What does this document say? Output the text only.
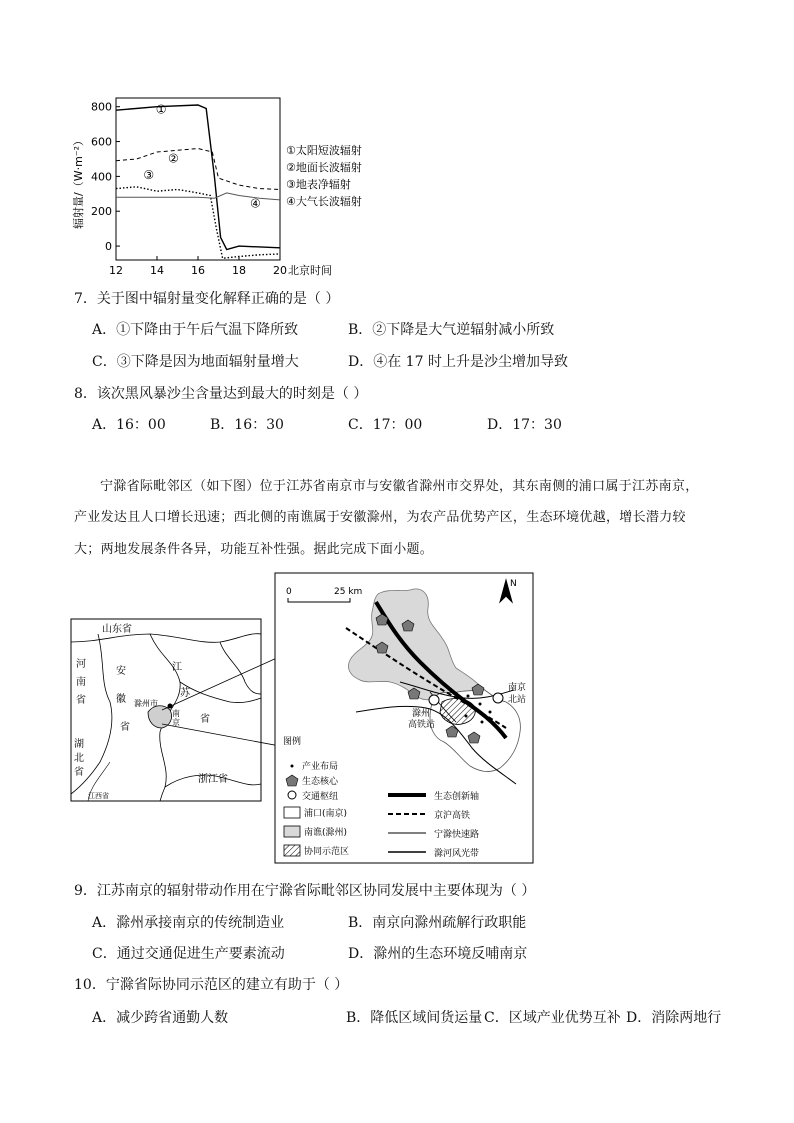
800
600
400
200
0
12 14 16 18 20
①
②
③
④
辐射量/（W·m⁻²）
北京时间
①太阳短波辐射
②地面长波辐射
③地表净辐射
④大气长波辐射
7．关于图中辐射量变化解释正确的是（ ）
A．①下降由于午后气温下降所致	B．②下降是大气逆辐射减小所致
C．③下降是因为地面辐射量增大	D．④在 17 时上升是沙尘增加导致
8．该次黑风暴沙尘含量达到最大的时刻是（ ）
A．16：00	B．16：30	C．17：00	D．17：30
宁滁省际毗邻区（如下图）位于江苏省南京市与安徽省滁州市交界处，其东南侧的浦口属于江苏南京，
产业发达且人口增长迅速；西北侧的南谯属于安徽滁州，为农产品优势产区，生态环境优越，增长潜力较
大；两地发展条件各异，功能互补性强。据此完成下面小题。
山东省
河南省
安徽省
江苏省
湖北省
浙江省
江西省
滁州市
南京
0	25 km
N
滁州高铁站
南京北站
图例
产业布局
生态核心
交通枢纽
浦口(南京)
南谯(滁州)
协同示范区
生态创新轴
京沪高铁
宁滁快速路
滁河风光带
9．江苏南京的辐射带动作用在宁滁省际毗邻区协同发展中主要体现为（ ）
A．滁州承接南京的传统制造业	B．南京向滁州疏解行政职能
C．通过交通促进生产要素流动	D．滁州的生态环境反哺南京
10．宁滁省际协同示范区的建立有助于（ ）
A．减少跨省通勤人数	B．降低区域间货运量 C．区域产业优势互补 D．消除两地行
